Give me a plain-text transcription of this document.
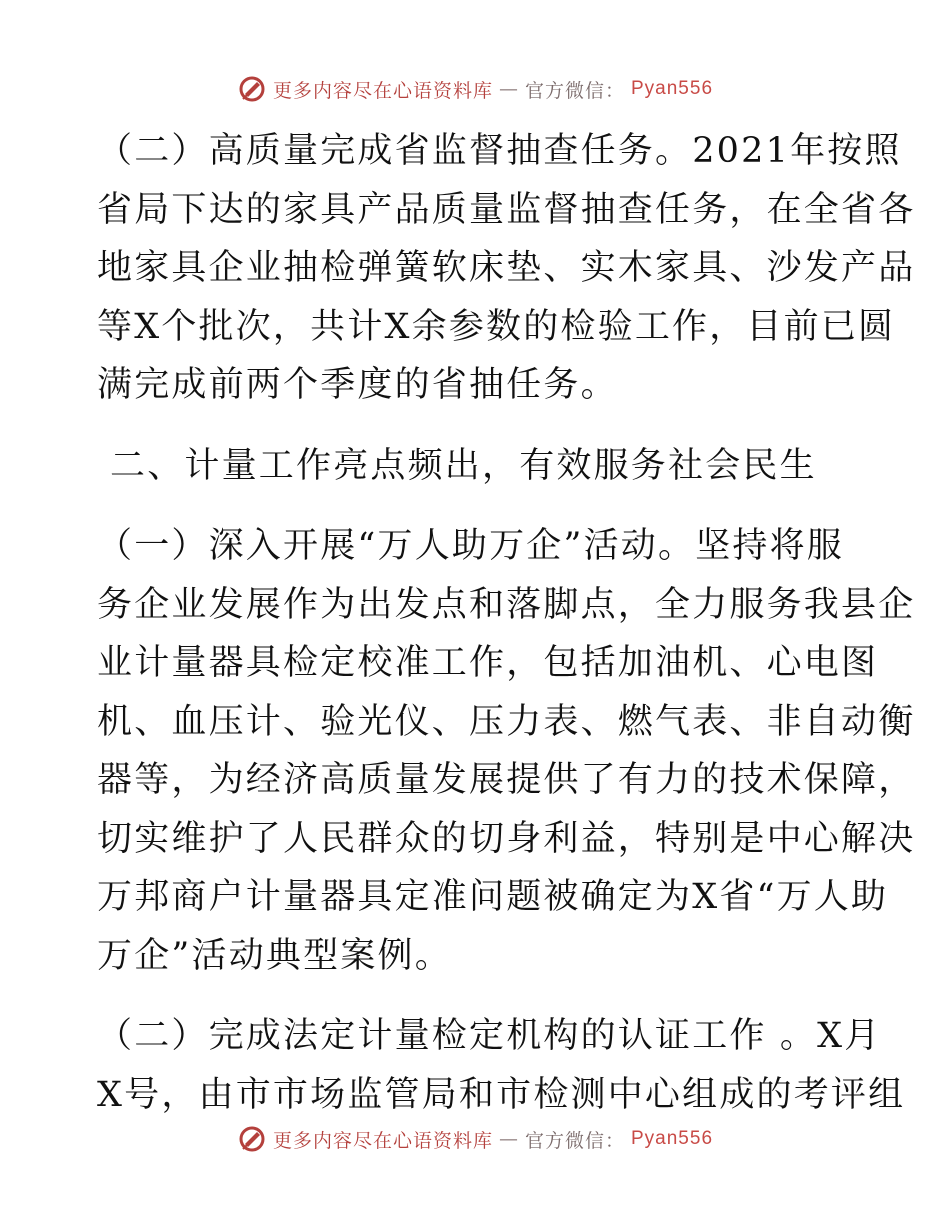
更多内容尽在心语资料库 — 官方微信： Pyan556

（二）高质量完成省监督抽查任务。2021年按照
省局下达的家具产品质量监督抽查任务，在全省各
地家具企业抽检弹簧软床垫、实木家具、沙发产品
等X个批次，共计X余参数的检验工作，目前已圆
满完成前两个季度的省抽任务。

二、计量工作亮点频出，有效服务社会民生

（一）深入开展“万人助万企”活动。坚持将服
务企业发展作为出发点和落脚点，全力服务我县企
业计量器具检定校准工作，包括加油机、心电图
机、血压计、验光仪、压力表、燃气表、非自动衡
器等，为经济高质量发展提供了有力的技术保障，
切实维护了人民群众的切身利益，特别是中心解决
万邦商户计量器具定准问题被确定为X省“万人助
万企”活动典型案例。

（二）完成法定计量检定机构的认证工作 。X月
X号，由市市场监管局和市检测中心组成的考评组

更多内容尽在心语资料库 — 官方微信： Pyan556
